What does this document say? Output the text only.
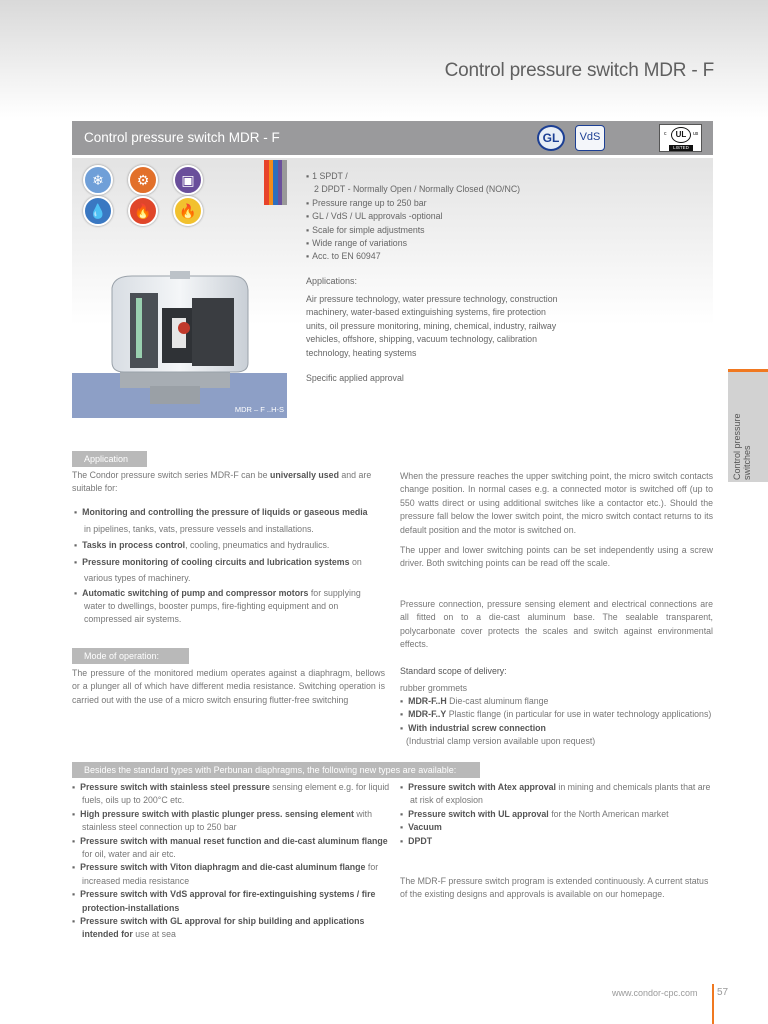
Control pressure switch MDR - F
Control pressure switch MDR - F	GL	VdS	c	UL	us
LISTED
MDR – F ..H-S
❄	⚙	▣
💧	🔥	🔥
▪ 1 SPDT /
2 DPDT - Normally Open / Normally Closed (NO/NC)
▪ Pressure range up to 250 bar
▪ GL / VdS / UL approvals -optional
▪ Scale for simple adjustments
▪ Wide range of variations
▪ Acc. to EN 60947
Applications:
Air pressure technology, water pressure technology, construction machinery, water-based extinguishing systems, fire protection units, oil pressure monitoring, mining, chemical, industry, railway vehicles, offshore, shipping, vacuum technology, calibration technology, heating systems
Specific applied approval
Control pressure switches
Application
The Condor pressure switch series MDR-F can be universally used and are suitable for:
▪ Monitoring and controlling the pressure of liquids or gaseous media in pipelines, tanks, vats, pressure vessels and installations.
▪ Tasks in process control, cooling, pneumatics and hydraulics.
▪ Pressure monitoring of cooling circuits and lubrication systems on various types of machinery.
▪ Automatic switching of pump and compressor motors for supplying water to dwellings, booster pumps, fire-fighting equipment and on compressed air systems.
When the pressure reaches the upper switching point, the micro switch contacts change position. In normal cases e.g. a connected motor is switched off (up to 550 watts direct or using additional switches like a contactor etc.). Should the pressure fall below the lower switch point, the micro switch contact returns to its default position and the motor is switched on.
The upper and lower switching points can be set independently using a screw driver. Both switching points can be read off the scale.
Pressure connection, pressure sensing element and electrical connections are all fitted on to a die-cast aluminum base. The sealable transparent, polycarbonate cover protects the scales and switch against environmental effects.
Mode of operation:
The pressure of the monitored medium operates against a diaphragm, bellows or a plunger all of which have different media resistance. Switching operation is carried out with the use of a micro switch ensuring flutter-free switching
Standard scope of delivery:
rubber grommets
▪ MDR-F..H Die-cast aluminum flange
▪ MDR-F..Y Plastic flange (in particular for use in water technology applications)
▪ With industrial screw connection
(Industrial clamp version available upon request)
Besides the standard types with Perbunan diaphragms, the following new types are available:
▪ Pressure switch with stainless steel pressure sensing element e.g. for liquid fuels, oils up to 200°C etc.
▪ High pressure switch with plastic plunger press. sensing element with stainless steel connection up to 250 bar
▪ Pressure switch with manual reset function and die-cast aluminum flange for oil, water and air etc.
▪ Pressure switch with Viton diaphragm and die-cast aluminum flange for increased media resistance
▪ Pressure switch with VdS approval for fire-extinguishing systems / fire protection-installations
▪ Pressure switch with GL approval for ship building and applications intended for use at sea
▪ Pressure switch with Atex approval in mining and chemicals plants that are at risk of explosion
▪ Pressure switch with UL approval for the North American market
▪ Vacuum
▪ DPDT
The MDR-F pressure switch program is extended continuously. A current status of the existing designs and approvals is available on our homepage.
www.condor-cpc.com 57
